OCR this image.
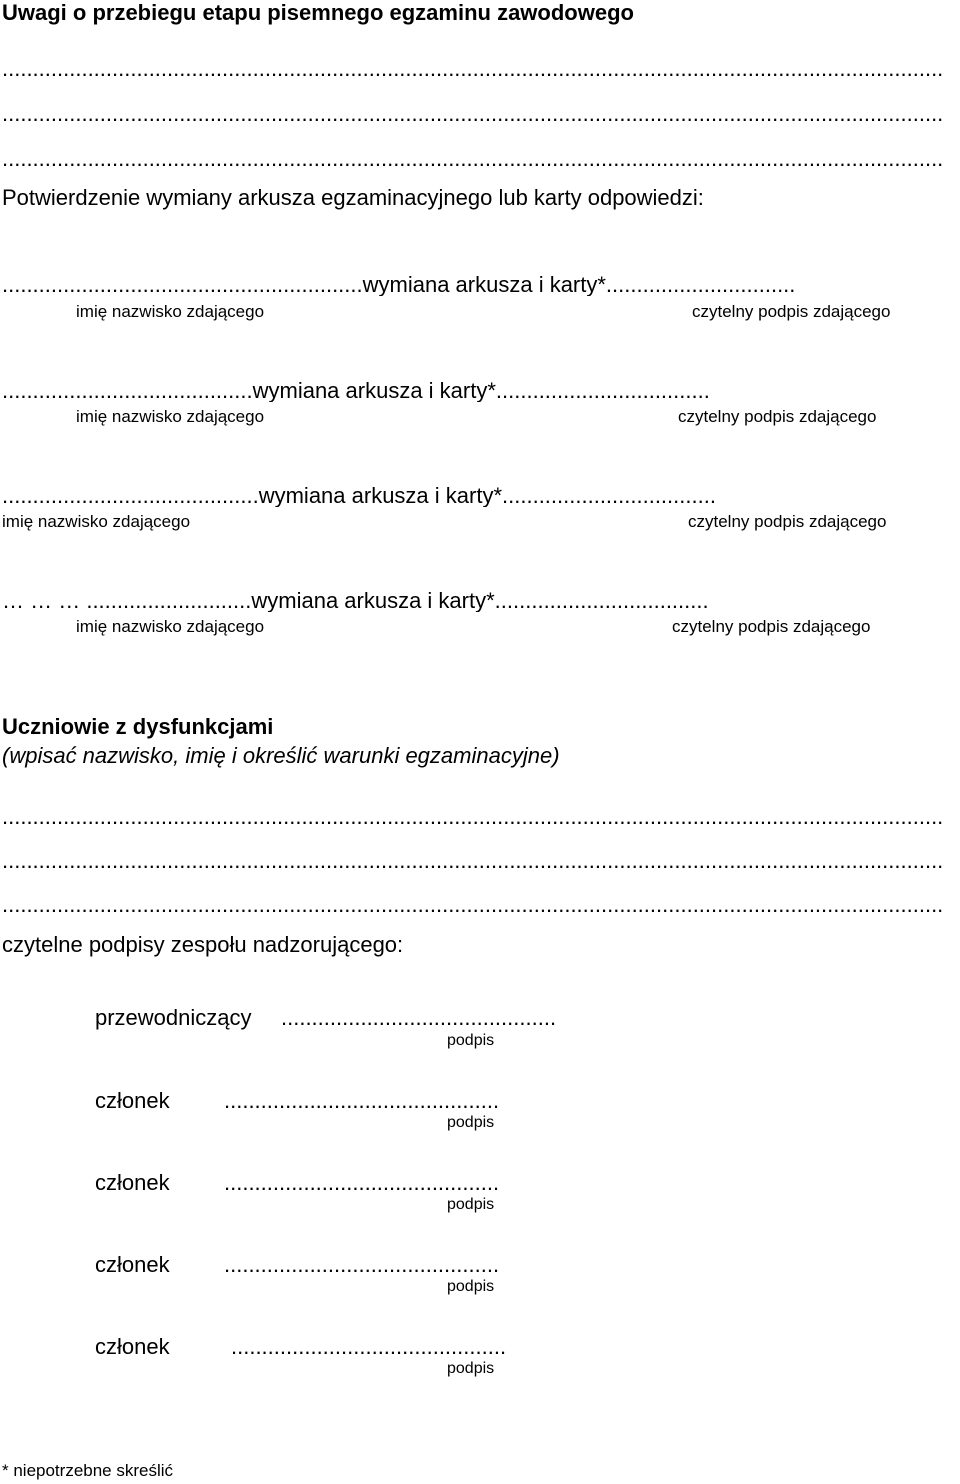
Uwagi o przebiegu etapu pisemnego egzaminu zawodowego
..........................................................................................................................................................
..........................................................................................................................................................
..........................................................................................................................................................
Potwierdzenie wymiany arkusza egzaminacyjnego lub karty odpowiedzi:
...........................................................wymiana arkusza i karty*...............................
imię nazwisko zdającego	czytelny podpis zdającego
.........................................wymiana arkusza i karty*...................................
imię nazwisko zdającego	czytelny podpis zdającego
..........................................wymiana arkusza i karty*...................................
imię nazwisko zdającego	czytelny podpis zdającego
… … … ...........................wymiana arkusza i karty*...................................
imię nazwisko zdającego	czytelny podpis zdającego
Uczniowie z dysfunkcjami
(wpisać nazwisko, imię i określić warunki egzaminacyjne)
..........................................................................................................................................................
..........................................................................................................................................................
..........................................................................................................................................................
czytelne podpisy zespołu nadzorującego:
przewodniczący .............................................
podpis
członek .............................................
podpis
członek .............................................
podpis
członek .............................................
podpis
członek	.............................................
podpis
* niepotrzebne skreślić
